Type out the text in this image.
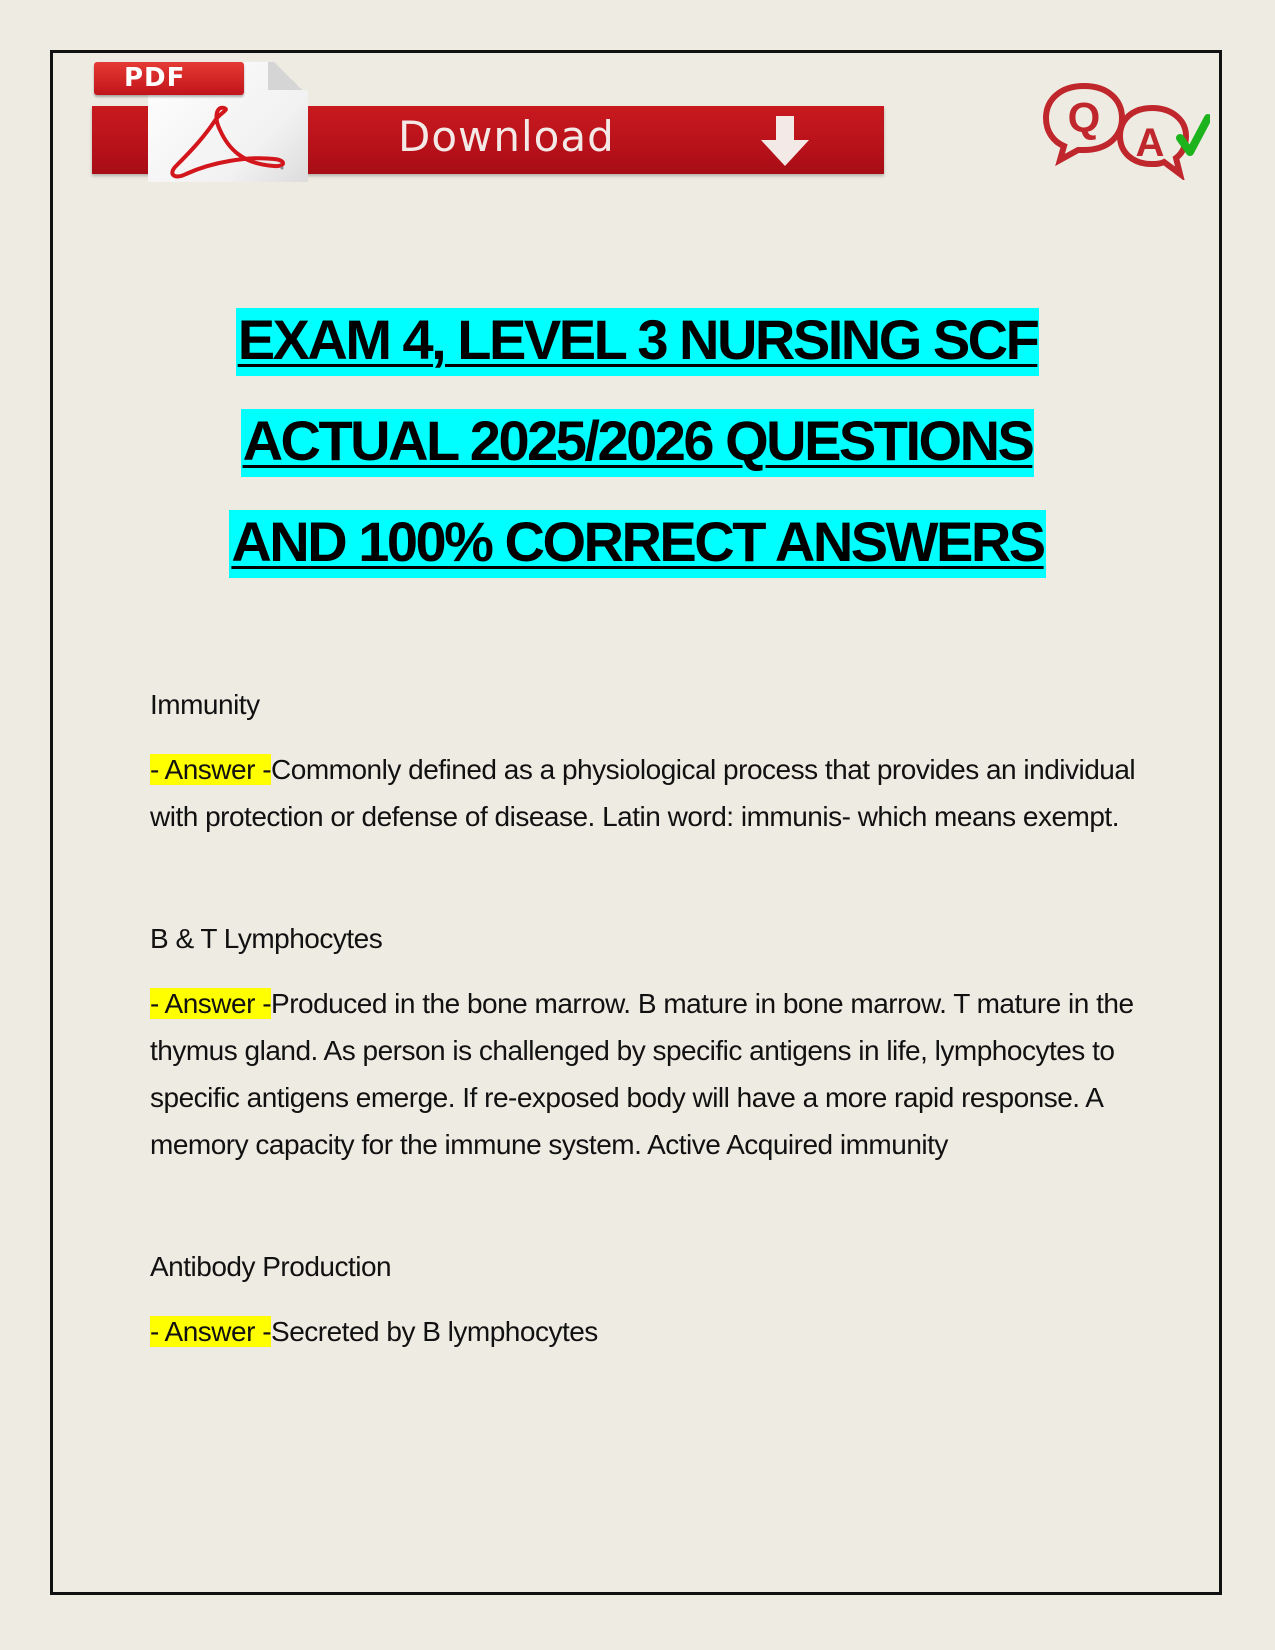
Download
PDF
Q
A
EXAM 4, LEVEL 3 NURSING SCF
ACTUAL 2025/2026 QUESTIONS
AND 100% CORRECT ANSWERS
Immunity
- Answer -Commonly defined as a physiological process that provides an individual with protection or defense of disease. Latin word: immunis- which means exempt.
B & T Lymphocytes
- Answer -Produced in the bone marrow. B mature in bone marrow. T mature in the thymus gland. As person is challenged by specific antigens in life, lymphocytes to specific antigens emerge. If re-exposed body will have a more rapid response. A memory capacity for the immune system. Active Acquired immunity
Antibody Production
- Answer -Secreted by B lymphocytes
